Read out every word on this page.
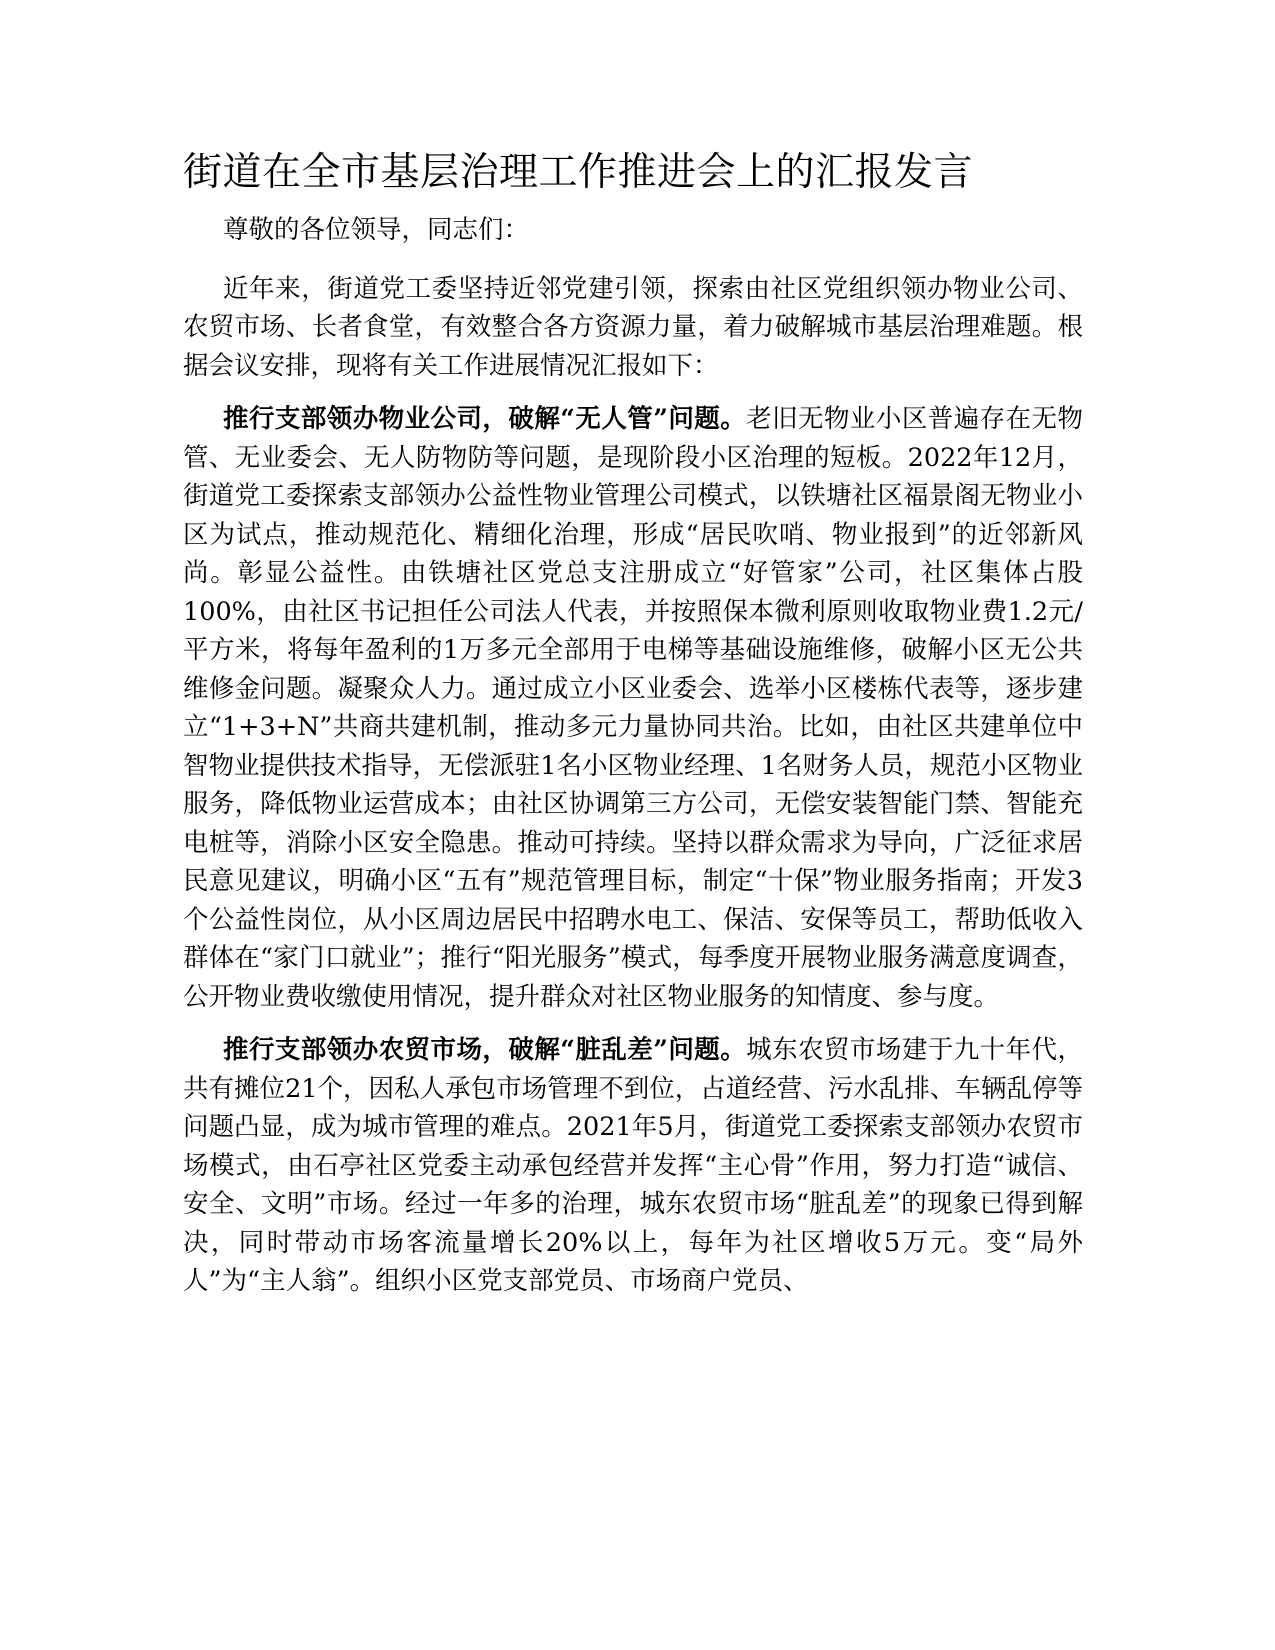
街道在全市基层治理工作推进会上的汇报发言

尊敬的各位领导，同志们：

近年来，街道党工委坚持近邻党建引领，探索由社区党组织领办物业公司、农贸市场、长者食堂，有效整合各方资源力量，着力破解城市基层治理难题。根据会议安排，现将有关工作进展情况汇报如下：

推行支部领办物业公司，破解“无人管”问题。老旧无物业小区普遍存在无物管、无业委会、无人防物防等问题，是现阶段小区治理的短板。2022年12月，街道党工委探索支部领办公益性物业管理公司模式，以铁塘社区福景阁无物业小区为试点，推动规范化、精细化治理，形成“居民吹哨、物业报到”的近邻新风尚。彰显公益性。由铁塘社区党总支注册成立“好管家”公司，社区集体占股100%，由社区书记担任公司法人代表，并按照保本微利原则收取物业费1.2元/平方米，将每年盈利的1万多元全部用于电梯等基础设施维修，破解小区无公共维修金问题。凝聚众人力。通过成立小区业委会、选举小区楼栋代表等，逐步建立“1+3+N”共商共建机制，推动多元力量协同共治。比如，由社区共建单位中智物业提供技术指导，无偿派驻1名小区物业经理、1名财务人员，规范小区物业服务，降低物业运营成本；由社区协调第三方公司，无偿安装智能门禁、智能充电桩等，消除小区安全隐患。推动可持续。坚持以群众需求为导向，广泛征求居民意见建议，明确小区“五有”规范管理目标，制定“十保”物业服务指南；开发3个公益性岗位，从小区周边居民中招聘水电工、保洁、安保等员工，帮助低收入群体在“家门口就业”；推行“阳光服务”模式，每季度开展物业服务满意度调查，公开物业费收缴使用情况，提升群众对社区物业服务的知情度、参与度。

推行支部领办农贸市场，破解“脏乱差”问题。城东农贸市场建于九十年代，共有摊位21个，因私人承包市场管理不到位，占道经营、污水乱排、车辆乱停等问题凸显，成为城市管理的难点。2021年5月，街道党工委探索支部领办农贸市场模式，由石亭社区党委主动承包经营并发挥“主心骨”作用，努力打造“诚信、安全、文明”市场。经过一年多的治理，城东农贸市场“脏乱差”的现象已得到解决，同时带动市场客流量增长20%以上，每年为社区增收5万元。变“局外人”为“主人翁”。组织小区党支部党员、市场商户党员、
